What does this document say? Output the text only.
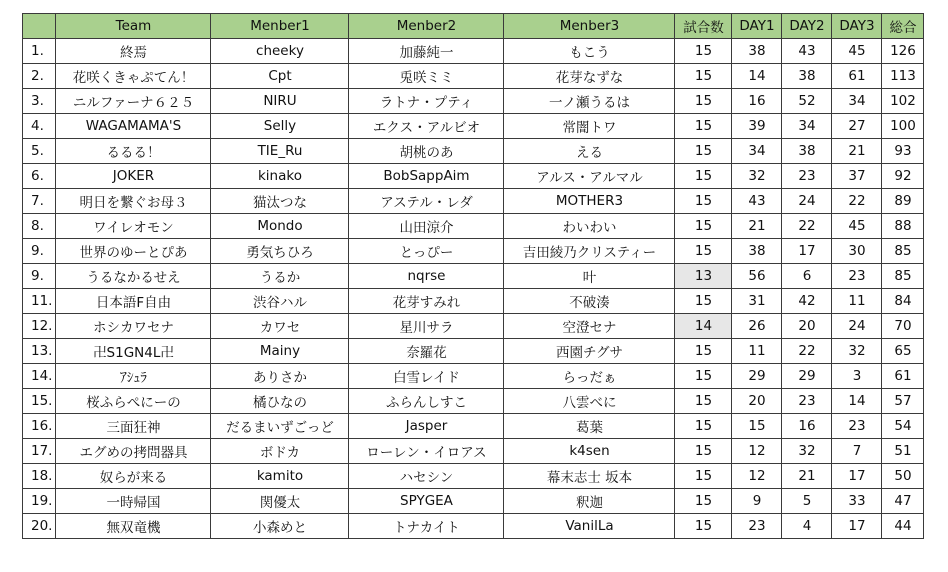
	Team	Menber1	Menber2	Menber3	試合数	DAY1	DAY2	DAY3	総合
1.	終焉	cheeky	加藤純一	もこう	15	38	43	45	126
2.	花咲くきゃぷてん！	Cpt	兎咲ミミ	花芽なずな	15	14	38	61	113
3.	ニルファーナ６２５	NIRU	ラトナ・プティ	一ノ瀬うるは	15	16	52	34	102
4.	WAGAMAMA'S	Selly	エクス・アルビオ	常闇トワ	15	39	34	27	100
5.	るるる！	TIE_Ru	胡桃のあ	える	15	34	38	21	93
6.	JOKER	kinako	BobSappAim	アルス・アルマル	15	32	23	37	92
7.	明日を繋ぐお母３	猫汰つな	アステル・レダ	MOTHER3	15	43	24	22	89
8.	ワイレオモン	Mondo	山田涼介	わいわい	15	21	22	45	88
9.	世界のゆーとぴあ	勇気ちひろ	とっぴー	吉田綾乃クリスティー	15	38	17	30	85
9.	うるなかるせえ	うるか	nqrse	叶	13	56	6	23	85
11.	日本語F自由	渋谷ハル	花芽すみれ	不破湊	15	31	42	11	84
12.	ホシカワセナ	カワセ	星川サラ	空澄セナ	14	26	20	24	70
13.	卍S1GN4L卍	Mainy	奈羅花	西園チグサ	15	11	22	32	65
14.	ｱｼｭﾗ	ありさか	白雪レイド	らっだぁ	15	29	29	3	61
15.	桜ふらぺにーの	橘ひなの	ふらんしすこ	八雲べに	15	20	23	14	57
16.	三面狂神	だるまいずごっど	Jasper	葛葉	15	15	16	23	54
17.	エグめの拷問器具	ボドカ	ローレン・イロアス	k4sen	15	12	32	7	51
18.	奴らが来る	kamito	ハセシン	幕末志士 坂本	15	12	21	17	50
19.	一時帰国	関優太	SPYGEA	釈迦	15	9	5	33	47
20.	無双竜機	小森めと	トナカイト	VanilLa	15	23	4	17	44
